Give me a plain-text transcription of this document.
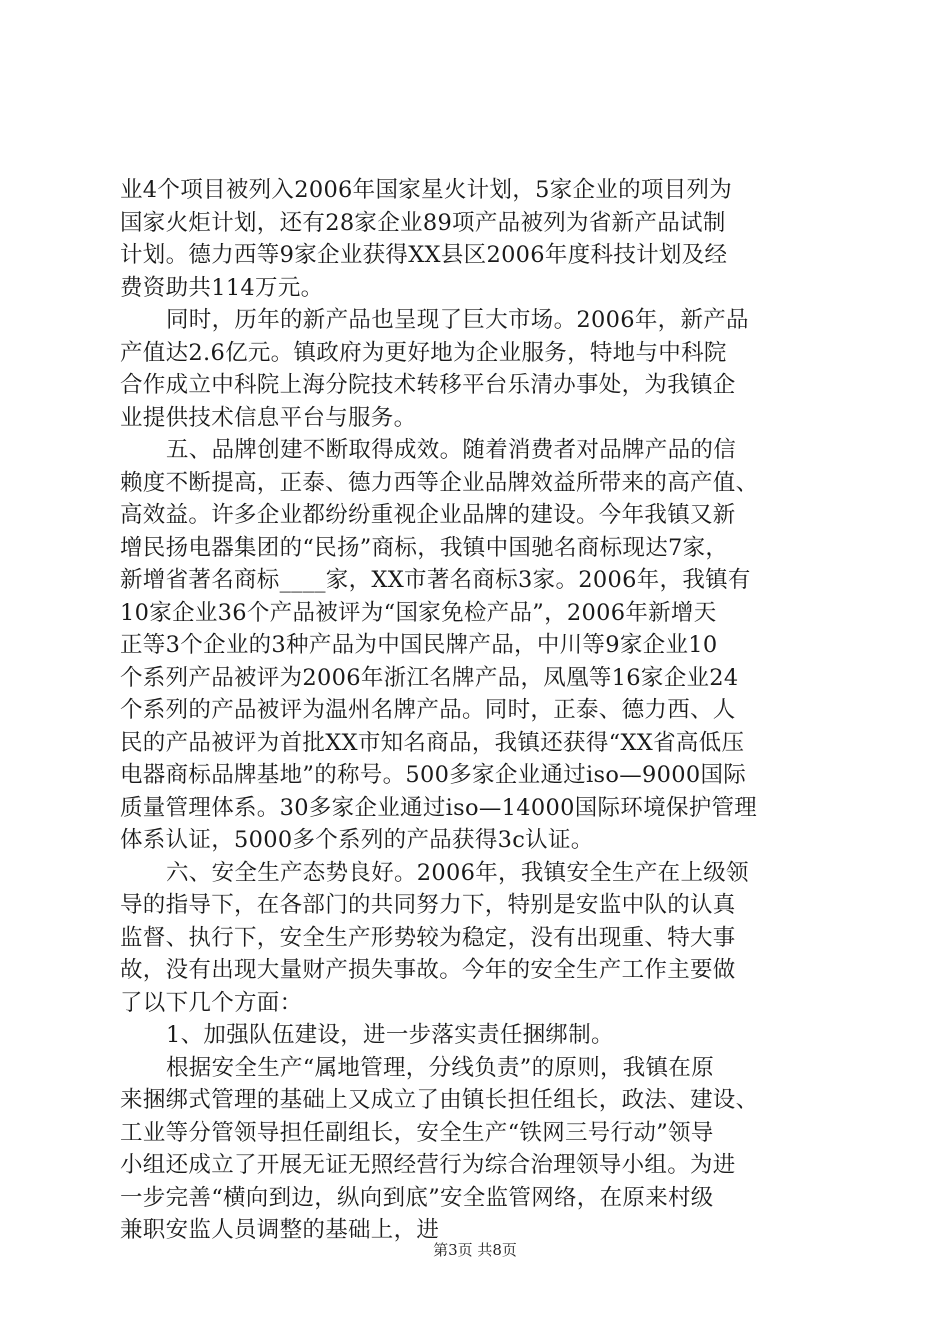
业4个项目被列入2006年国家星火计划，5家企业的项目列为
国家火炬计划，还有28家企业89项产品被列为省新产品试制
计划。德力西等9家企业获得XX县区2006年度科技计划及经
费资助共114万元。
同时，历年的新产品也呈现了巨大市场。2006年，新产品
产值达2.6亿元。镇政府为更好地为企业服务，特地与中科院
合作成立中科院上海分院技术转移平台乐清办事处，为我镇企
业提供技术信息平台与服务。
五、品牌创建不断取得成效。随着消费者对品牌产品的信
赖度不断提高，正泰、德力西等企业品牌效益所带来的高产值、
高效益。许多企业都纷纷重视企业品牌的建设。今年我镇又新
增民扬电器集团的“民扬”商标，我镇中国驰名商标现达7家，
新增省著名商标____家，XX市著名商标3家。2006年，我镇有
10家企业36个产品被评为“国家免检产品”，2006年新增天
正等3个企业的3种产品为中国民牌产品，中川等9家企业10
个系列产品被评为2006年浙江名牌产品，凤凰等16家企业24
个系列的产品被评为温州名牌产品。同时，正泰、德力西、人
民的产品被评为首批XX市知名商品，我镇还获得“XX省高低压
电器商标品牌基地”的称号。500多家企业通过iso—9000国际
质量管理体系。30多家企业通过iso—14000国际环境保护管理
体系认证，5000多个系列的产品获得3c认证。
六、安全生产态势良好。2006年，我镇安全生产在上级领
导的指导下，在各部门的共同努力下，特别是安监中队的认真
监督、执行下，安全生产形势较为稳定，没有出现重、特大事
故，没有出现大量财产损失事故。今年的安全生产工作主要做
了以下几个方面：
1、加强队伍建设，进一步落实责任捆绑制。
根据安全生产“属地管理，分线负责”的原则，我镇在原
来捆绑式管理的基础上又成立了由镇长担任组长，政法、建设、
工业等分管领导担任副组长，安全生产“铁网三号行动”领导
小组还成立了开展无证无照经营行为综合治理领导小组。为进
一步完善“横向到边，纵向到底”安全监管网络，在原来村级
兼职安监人员调整的基础上，进
第3页 共8页
